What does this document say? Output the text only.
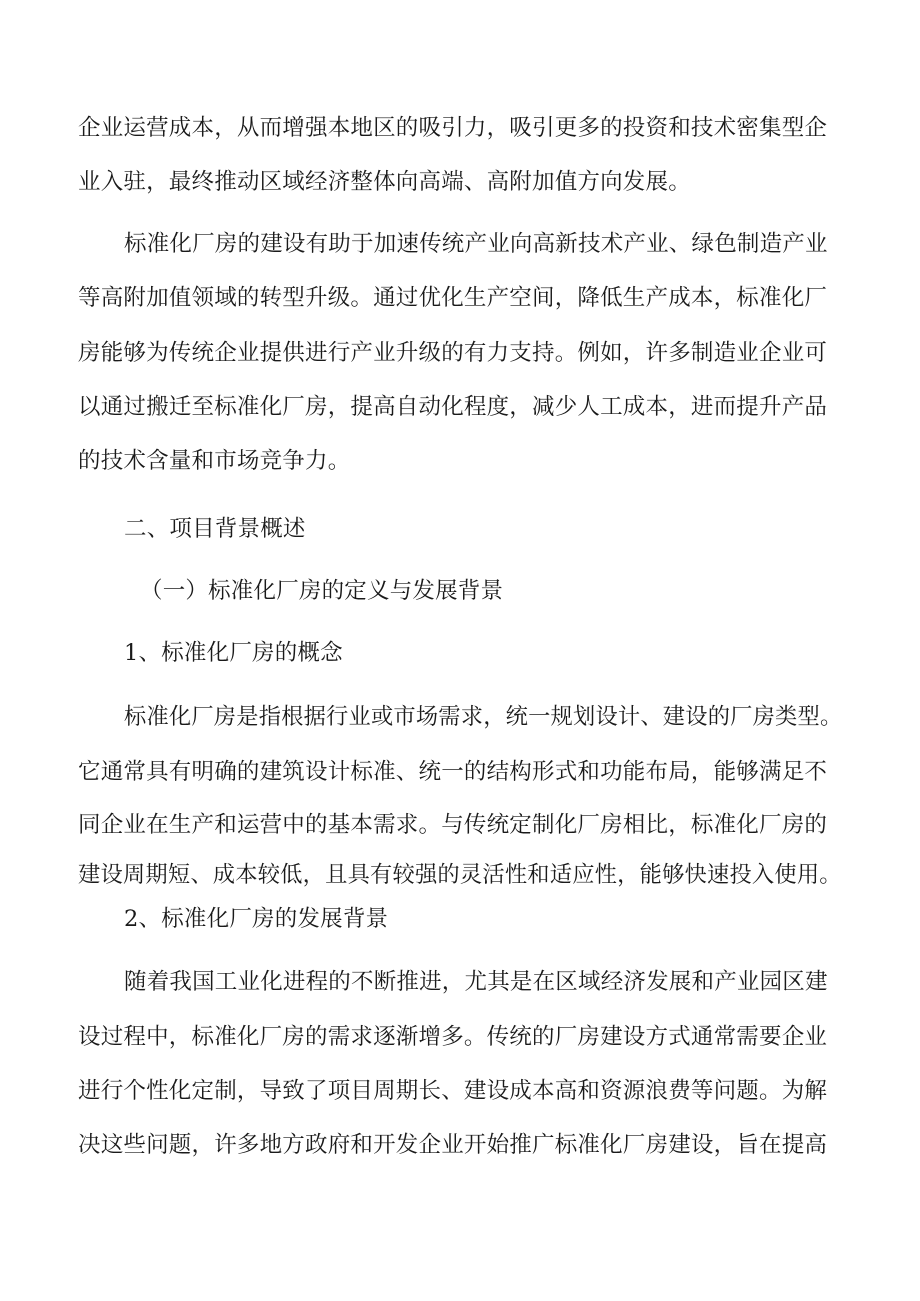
企业运营成本，从而增强本地区的吸引力，吸引更多的投资和技术密集型企
业入驻，最终推动区域经济整体向高端、高附加值方向发展。
标准化厂房的建设有助于加速传统产业向高新技术产业、绿色制造产业
等高附加值领域的转型升级。通过优化生产空间，降低生产成本，标准化厂
房能够为传统企业提供进行产业升级的有力支持。例如，许多制造业企业可
以通过搬迁至标准化厂房，提高自动化程度，减少人工成本，进而提升产品
的技术含量和市场竞争力。
二、项目背景概述
（一）标准化厂房的定义与发展背景
1、标准化厂房的概念
标准化厂房是指根据行业或市场需求，统一规划设计、建设的厂房类型。
它通常具有明确的建筑设计标准、统一的结构形式和功能布局，能够满足不
同企业在生产和运营中的基本需求。与传统定制化厂房相比，标准化厂房的
建设周期短、成本较低，且具有较强的灵活性和适应性，能够快速投入使用。
2、标准化厂房的发展背景
随着我国工业化进程的不断推进，尤其是在区域经济发展和产业园区建
设过程中，标准化厂房的需求逐渐增多。传统的厂房建设方式通常需要企业
进行个性化定制，导致了项目周期长、建设成本高和资源浪费等问题。为解
决这些问题，许多地方政府和开发企业开始推广标准化厂房建设，旨在提高
